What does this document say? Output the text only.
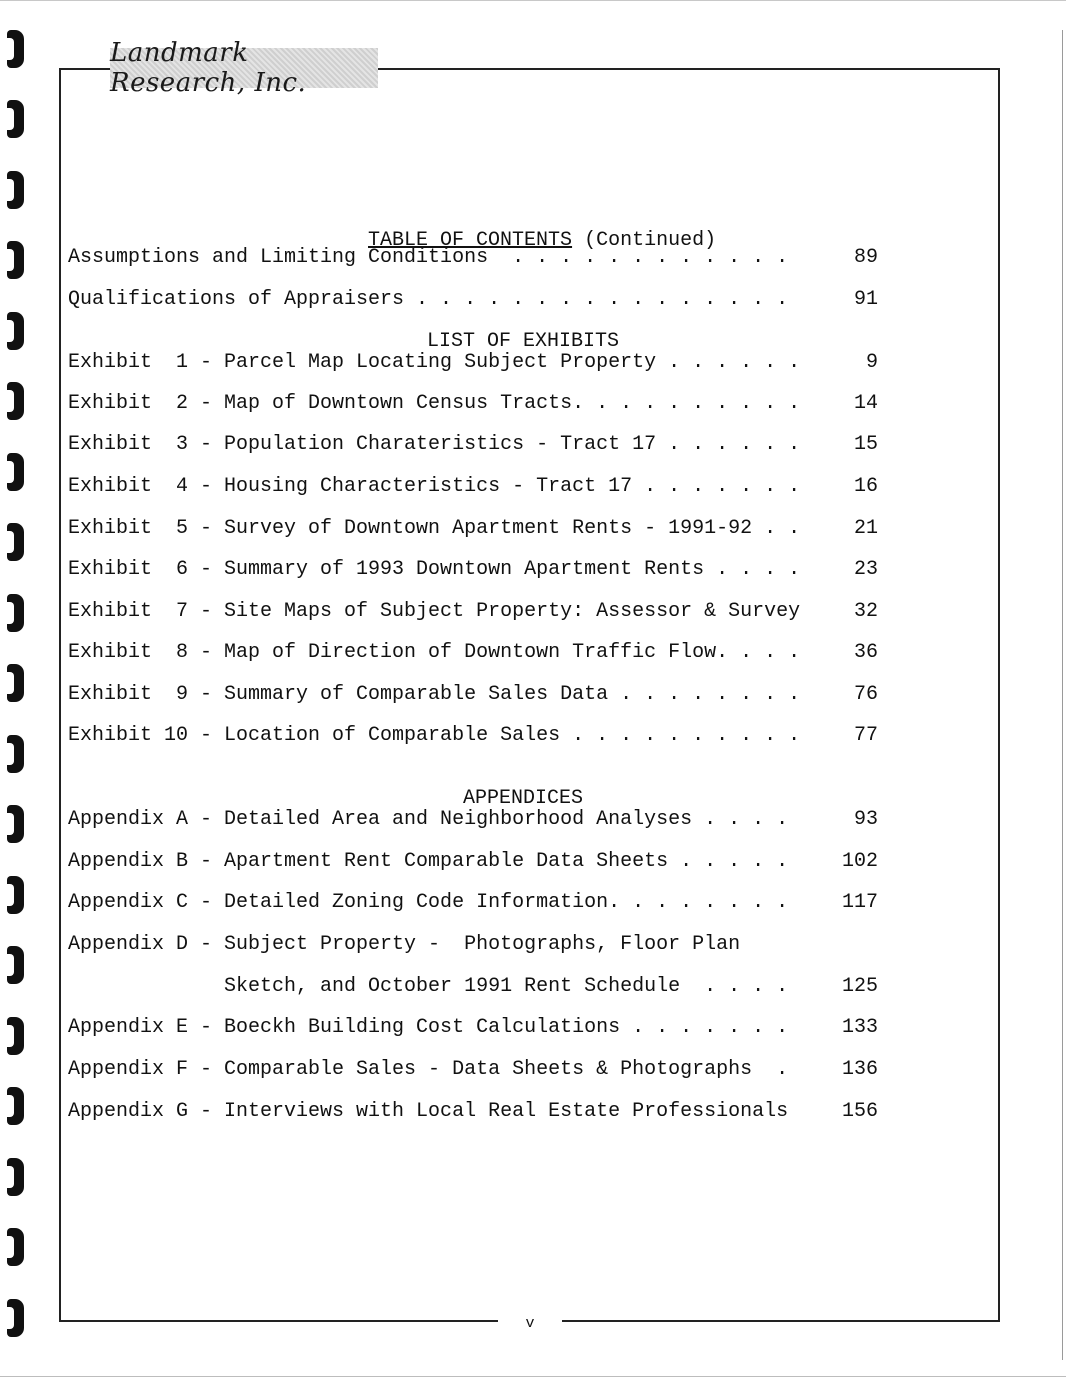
Landmark Research, Inc.

TABLE OF CONTENTS (Continued)

Assumptions and Limiting Conditions  . . . . . . . . . . . .	89
Qualifications of Appraisers . . . . . . . . . . . . . . . .	91
LIST OF EXHIBITS
Exhibit  1 - Parcel Map Locating Subject Property . . . . . .	9
Exhibit  2 - Map of Downtown Census Tracts. . . . . . . . . .	14
Exhibit  3 - Population Charateristics - Tract 17 . . . . . .	15
Exhibit  4 - Housing Characteristics - Tract 17 . . . . . . .	16
Exhibit  5 - Survey of Downtown Apartment Rents - 1991-92 . .	21
Exhibit  6 - Summary of 1993 Downtown Apartment Rents . . . .	23
Exhibit  7 - Site Maps of Subject Property: Assessor & Survey	32
Exhibit  8 - Map of Direction of Downtown Traffic Flow. . . .	36
Exhibit  9 - Summary of Comparable Sales Data . . . . . . . .	76
Exhibit 10 - Location of Comparable Sales . . . . . . . . . .	77
APPENDICES
Appendix A - Detailed Area and Neighborhood Analyses . . . .	93
Appendix B - Apartment Rent Comparable Data Sheets . . . . .	102
Appendix C - Detailed Zoning Code Information. . . . . . . .	117
Appendix D - Subject Property -  Photographs, Floor Plan
Sketch, and October 1991 Rent Schedule  . . . .	125
Appendix E - Boeckh Building Cost Calculations . . . . . . .	133
Appendix F - Comparable Sales - Data Sheets & Photographs  .	136
Appendix G - Interviews with Local Real Estate Professionals	156
v
